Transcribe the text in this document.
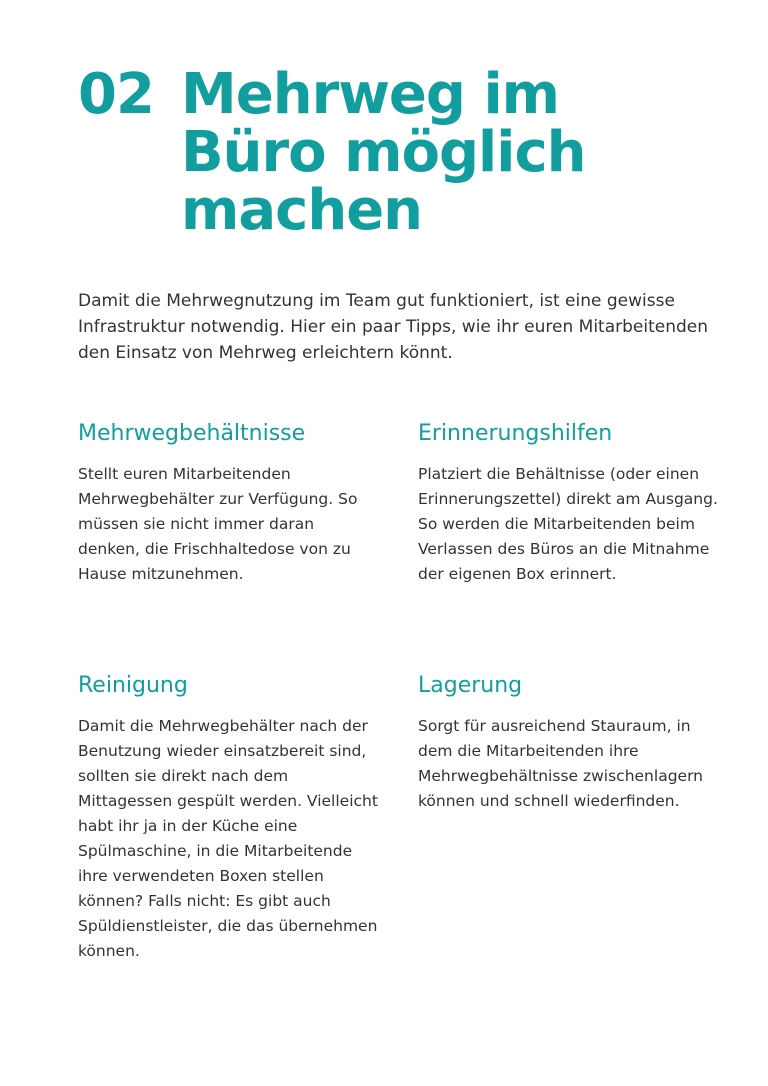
02 Mehrweg im
Büro möglich
machen

Damit die Mehrwegnutzung im Team gut funktioniert, ist eine gewisse Infrastruktur notwendig. Hier ein paar Tipps, wie ihr euren Mitarbeitenden den Einsatz von Mehrweg erleichtern könnt.

Mehrwegbehältnisse

Stellt euren Mitarbeitenden Mehrwegbehälter zur Verfügung. So müssen sie nicht immer daran denken, die Frischhaltedose von zu Hause mitzunehmen.

Erinnerungshilfen

Platziert die Behältnisse (oder einen Erinnerungszettel) direkt am Ausgang. So werden die Mitarbeitenden beim Verlassen des Büros an die Mitnahme der eigenen Box erinnert.

Reinigung

Damit die Mehrwegbehälter nach der Benutzung wieder einsatzbereit sind, sollten sie direkt nach dem Mittagessen gespült werden. Vielleicht habt ihr ja in der Küche eine Spülmaschine, in die Mitarbeitende ihre verwendeten Boxen stellen können? Falls nicht: Es gibt auch Spüldienstleister, die das übernehmen können.

Lagerung

Sorgt für ausreichend Stauraum, in dem die Mitarbeitenden ihre Mehrwegbehältnisse zwischenlagern können und schnell wiederfinden.
